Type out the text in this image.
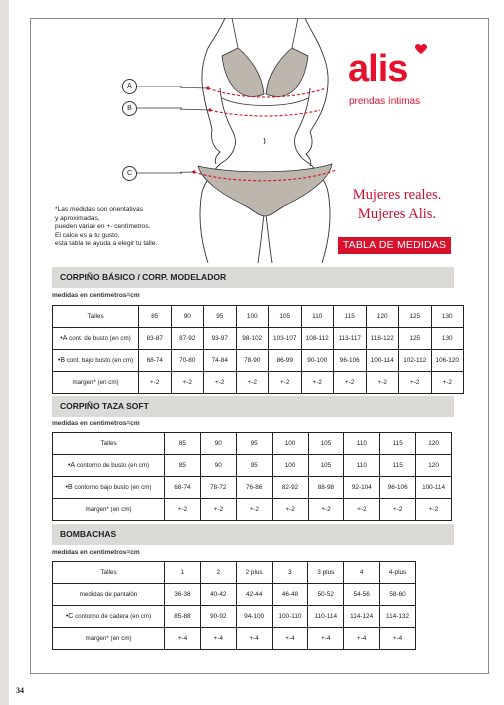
A
B
C
alis
prendas íntimas
Mujeres reales.
Mujeres Alis.
TABLA DE MEDIDAS
*Las medidas son orientativas
y aproximadas,
pueden variar en +- centímetros.
El calce es a tu gusto,
esta tabla te ayuda a elegir tu talle.
CORPIÑO BÁSICO / CORP. MODELADOR
medidas en centimetros=cm
Talles	85	90	95	100	105	110	115	120	125	130
•A cont. de busto (en cm)	83-87	87-92	93-97	98-102	103-107	108-112	113-117	118-122	125	130
•B cont. bajo busto (en cm)	68-74	70-80	74-84	78-90	86-99	90-100	96-106	100-114	102-112	106-120
margen* (en cm)	+-2	+-2	+-2	+-2	+-2	+-2	+-2	+-2	+-2	+-2
CORPIÑO TAZA SOFT
medidas en centimetros=cm
Talles	85	90	95	100	105	110	115	120
•A contorno de busto (en cm)	85	90	95	100	105	110	115	120
•B contorno bajo busto (en cm)	68-74	78-72	76-86	82-92	88-98	92-104	96-106	100-114
margen* (en cm)	+-2	+-2	+-2	+-2	+-2	+-2	+-2	+-2
BOMBACHAS
medidas en centimetros=cm
Talles	1	2	2 plus	3	3 plus	4	4-plus
medidas de pantalón	36-38	40-42	42-44	46-48	50-52	54-56	58-60
•C contorno de cadera (en cm)	85-88	90-92	94-100	100-110	110-114	114-124	114-132
margen* (en cm)	+-4	+-4	+-4	+-4	+-4	+-4	+-4
34
